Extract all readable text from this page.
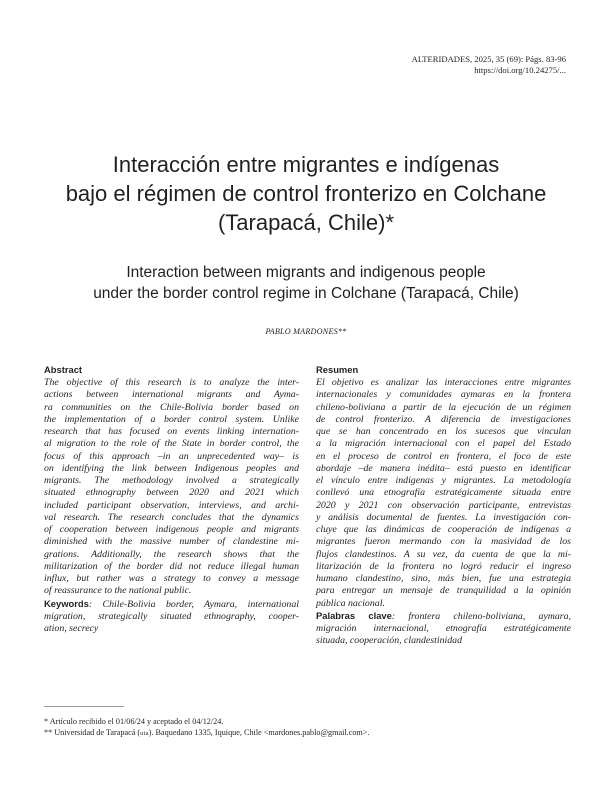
ALTERIDADES, 2025, 35 (69): Págs. 83-96
https://doi.org/10.24275/...
Interacción entre migrantes e indígenas
bajo el régimen de control fronterizo en Colchane
(Tarapacá, Chile)*
Interaction between migrants and indigenous people
under the border control regime in Colchane (Tarapacá, Chile)
PABLO MARDONES**
Abstract

The objective of this research is to analyze the inter-
actions between international migrants and Ayma-
ra communities on the Chile-Bolivia border based on
the implementation of a border control system. Unlike
research that has focused on events linking internation-
al migration to the role of the State in border control, the
focus of this approach –in an unprecedented way– is
on identifying the link between Indigenous peoples and
migrants. The methodology involved a strategically
situated ethnography between 2020 and 2021 which
included participant observation, interviews, and archi-
val research. The research concludes that the dynamics
of cooperation between indigenous people and migrants
diminished with the massive number of clandestine mi-
grations. Additionally, the research shows that the
militarization of the border did not reduce illegal human
influx, but rather was a strategy to convey a message
of reassurance to the national public.

Keywords: Chile-Bolivia border, Aymara, international
migration, strategically situated ethnography, cooper-
ation, secrecy

Resumen

El objetivo es analizar las interacciones entre migrantes
internacionales y comunidades aymaras en la frontera
chileno-boliviana a partir de la ejecución de un régimen
de control fronterizo. A diferencia de investigaciones
que se han concentrado en los sucesos que vinculan
a la migración internacional con el papel del Estado
en el proceso de control en frontera, el foco de este
abordaje –de manera inédita– está puesto en identificar
el vínculo entre indígenas y migrantes. La metodología
conllevó una etnografía estratégicamente situada entre
2020 y 2021 con observación participante, entrevistas
y análisis documental de fuentes. La investigación con-
cluye que las dinámicas de cooperación de indígenas a
migrantes fueron mermando con la masividad de los
flujos clandestinos. A su vez, da cuenta de que la mi-
litarización de la frontera no logró reducir el ingreso
humano clandestino, sino, más bien, fue una estrategia
para entregar un mensaje de tranquilidad a la opinión
pública nacional.

Palabras clave: frontera chileno-boliviana, aymara,
migración internacional, etnografía estratégicamente
situada, cooperación, clandestinidad

* Artículo recibido el 01/06/24 y aceptado el 04/12/24.
** Universidad de Tarapacá (uta). Baquedano 1335, Iquique, Chile <mardones.pablo@gmail.com>.
